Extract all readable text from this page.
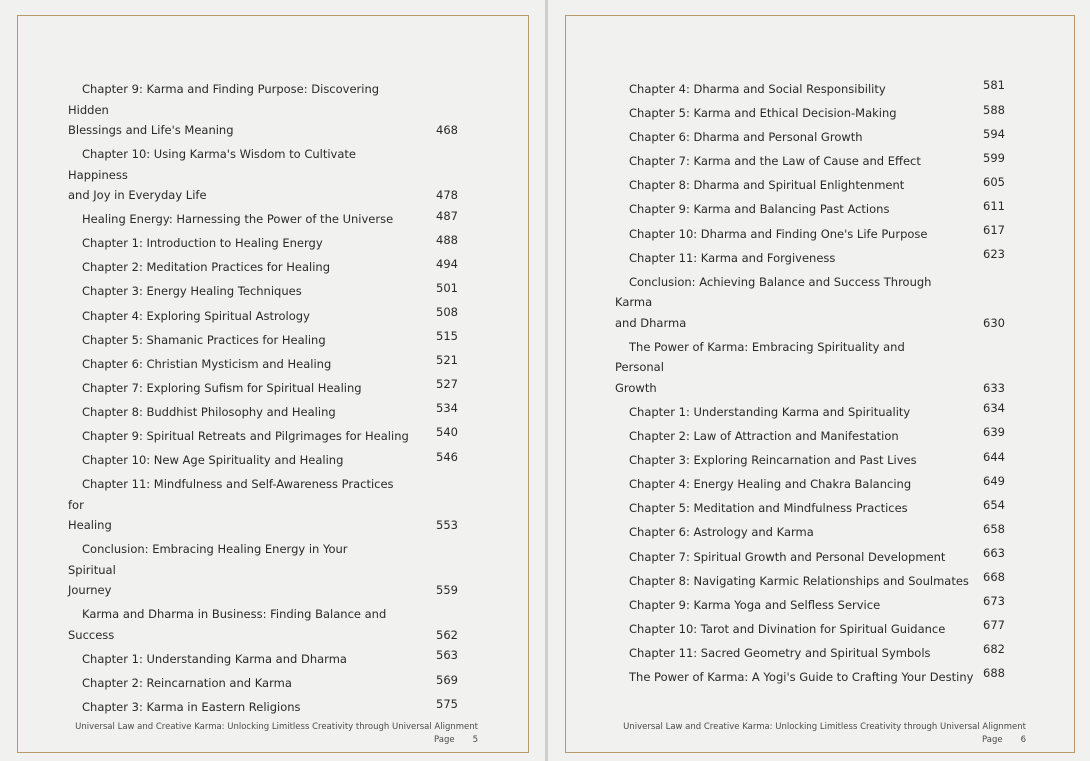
Chapter 9: Karma and Finding Purpose: Discovering Hidden
Blessings and Life's Meaning	468
Chapter 10: Using Karma's Wisdom to Cultivate Happiness
and Joy in Everyday Life	478
Healing Energy: Harnessing the Power of the Universe	487
Chapter 1: Introduction to Healing Energy	488
Chapter 2: Meditation Practices for Healing	494
Chapter 3: Energy Healing Techniques	501
Chapter 4: Exploring Spiritual Astrology	508
Chapter 5: Shamanic Practices for Healing	515
Chapter 6: Christian Mysticism and Healing	521
Chapter 7: Exploring Sufism for Spiritual Healing	527
Chapter 8: Buddhist Philosophy and Healing	534
Chapter 9: Spiritual Retreats and Pilgrimages for Healing	540
Chapter 10: New Age Spirituality and Healing	546
Chapter 11: Mindfulness and Self-Awareness Practices for
Healing	553
Conclusion: Embracing Healing Energy in Your Spiritual
Journey	559
Karma and Dharma in Business: Finding Balance and
Success	562
Chapter 1: Understanding Karma and Dharma	563
Chapter 2: Reincarnation and Karma	569
Chapter 3: Karma in Eastern Religions	575
Universal Law and Creative Karma: Unlocking Limitless Creativity through Universal Alignment
Page 5
Chapter 4: Dharma and Social Responsibility	581
Chapter 5: Karma and Ethical Decision-Making	588
Chapter 6: Dharma and Personal Growth	594
Chapter 7: Karma and the Law of Cause and Effect	599
Chapter 8: Dharma and Spiritual Enlightenment	605
Chapter 9: Karma and Balancing Past Actions	611
Chapter 10: Dharma and Finding One's Life Purpose	617
Chapter 11: Karma and Forgiveness	623
Conclusion: Achieving Balance and Success Through Karma
and Dharma	630
The Power of Karma: Embracing Spirituality and Personal
Growth	633
Chapter 1: Understanding Karma and Spirituality	634
Chapter 2: Law of Attraction and Manifestation	639
Chapter 3: Exploring Reincarnation and Past Lives	644
Chapter 4: Energy Healing and Chakra Balancing	649
Chapter 5: Meditation and Mindfulness Practices	654
Chapter 6: Astrology and Karma	658
Chapter 7: Spiritual Growth and Personal Development	663
Chapter 8: Navigating Karmic Relationships and Soulmates	668
Chapter 9: Karma Yoga and Selfless Service	673
Chapter 10: Tarot and Divination for Spiritual Guidance	677
Chapter 11: Sacred Geometry and Spiritual Symbols	682
The Power of Karma: A Yogi's Guide to Crafting Your Destiny 688
Universal Law and Creative Karma: Unlocking Limitless Creativity through Universal Alignment
Page 6
